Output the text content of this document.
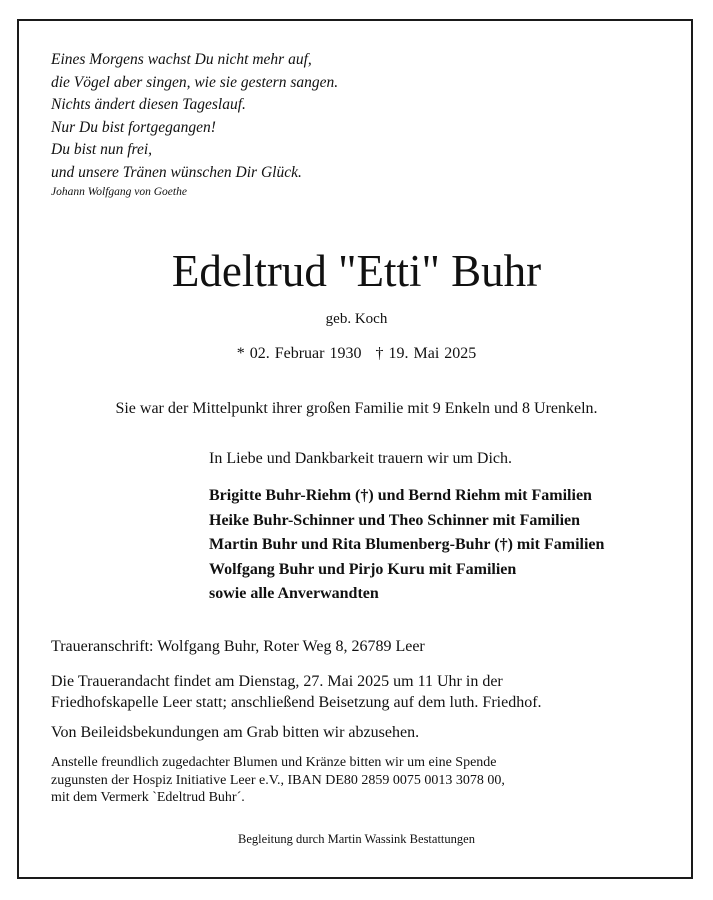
Eines Morgens wachst Du nicht mehr auf,
die Vögel aber singen, wie sie gestern sangen.
Nichts ändert diesen Tageslauf.
Nur Du bist fortgegangen!
Du bist nun frei,
und unsere Tränen wünschen Dir Glück.
Johann Wolfgang von Goethe
Edeltrud "Etti" Buhr
geb. Koch
* 02. Februar 1930 † 19. Mai 2025
Sie war der Mittelpunkt ihrer großen Familie mit 9 Enkeln und 8 Urenkeln.
In Liebe und Dankbarkeit trauern wir um Dich.
Brigitte Buhr-Riehm (†) und Bernd Riehm mit Familien
Heike Buhr-Schinner und Theo Schinner mit Familien
Martin Buhr und Rita Blumenberg-Buhr (†) mit Familien
Wolfgang Buhr und Pirjo Kuru mit Familien
sowie alle Anverwandten
Traueranschrift: Wolfgang Buhr, Roter Weg 8, 26789 Leer
Die Trauerandacht findet am Dienstag, 27. Mai 2025 um 11 Uhr in der
Friedhofskapelle Leer statt; anschließend Beisetzung auf dem luth. Friedhof.
Von Beileidsbekundungen am Grab bitten wir abzusehen.
Anstelle freundlich zugedachter Blumen und Kränze bitten wir um eine Spende
zugunsten der Hospiz Initiative Leer e.V., IBAN DE80 2859 0075 0013 3078 00,
mit dem Vermerk `Edeltrud Buhr´.
Begleitung durch Martin Wassink Bestattungen
